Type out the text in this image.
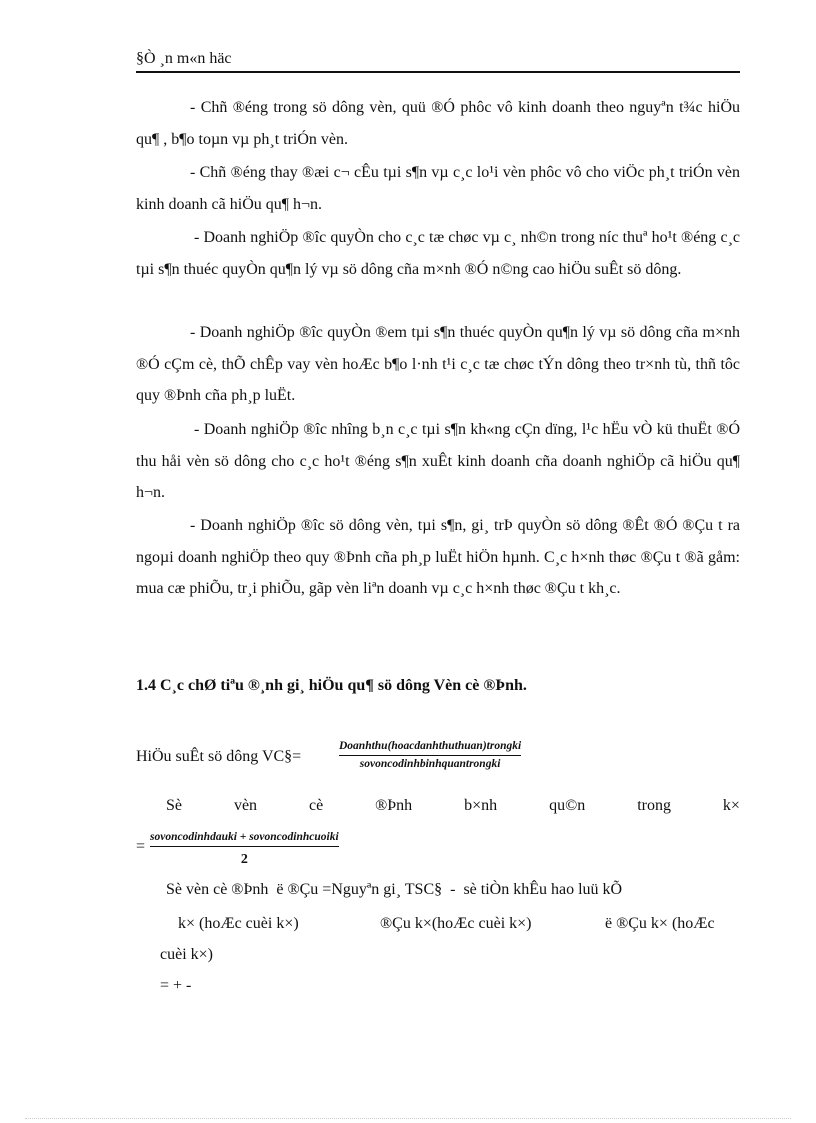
§Ò ¸n m«n häc
- Chñ ®éng trong sö dông vèn, quü ®Ó phôc vô kinh doanh theo nguyªn t¾c hiÖu qu¶ , b¶o toµn vµ ph¸t triÓn vèn.
- Chñ ®éng thay ®æi c¬ cÊu tµi s¶n vµ c¸c lo¹i vèn phôc vô cho viÖc ph¸t triÓn vèn kinh doanh cã hiÖu qu¶ h¬n.
- Doanh nghiÖp ®îc quyÒn cho c¸c tæ chøc vµ c¸ nh©n trong níc thuª ho¹t ®éng c¸c tµi s¶n thuéc quyÒn qu¶n lý vµ sö dông cña m×nh ®Ó n©ng cao hiÖu suÊt sö dông.
- Doanh nghiÖp ®îc quyÒn ®em tµi s¶n thuéc quyÒn qu¶n lý vµ sö dông cña m×nh ®Ó cÇm cè, thÕ chÊp vay vèn hoÆc b¶o l·nh t¹i c¸c tæ chøc tÝn dông theo tr×nh tù, thñ tôc quy ®Þnh cña ph¸p luËt.
- Doanh nghiÖp ®îc nhîng b¸n c¸c tµi s¶n kh«ng cÇn dïng, l¹c hËu vÒ kü thuËt ®Ó thu håi vèn sö dông cho c¸c ho¹t ®éng s¶n xuÊt kinh doanh cña doanh nghiÖp cã hiÖu qu¶ h¬n.
- Doanh nghiÖp ®îc sö dông vèn, tµi s¶n, gi¸ trÞ quyÒn sö dông ®Êt ®Ó ®Çu t ra ngoµi doanh nghiÖp theo quy ®Þnh cña ph¸p luËt hiÖn hµnh. C¸c h×nh thøc ®Çu t ®ã gåm: mua cæ phiÕu, tr¸i phiÕu, gãp vèn liªn doanh vµ c¸c h×nh thøc ®Çu t kh¸c.
1.4 C¸c chØ tiªu ®¸nh gi¸ hiÖu qu¶ sö dông Vèn cè ®Þnh.
HiÖu suÊt sö dông VC§=
Doanhthu(hoacdanhthuthuan)trongki
sovoncodinhbinhquantrongki
Sè	vèn	cè	®Þnh	b×nh	qu©n	trong	k×
=
sovoncodinhdauki + sovoncodinhcuoiki
2
Sè vèn cè ®Þnh  ë ®Çu =Nguyªn gi¸ TSC§  -  sè tiÒn khÊu hao luü kÕ
k× (hoÆc cuèi k×)	®Çu k×(hoÆc cuèi k×)	ë ®Çu k× (hoÆc
cuèi k×)
= + -
